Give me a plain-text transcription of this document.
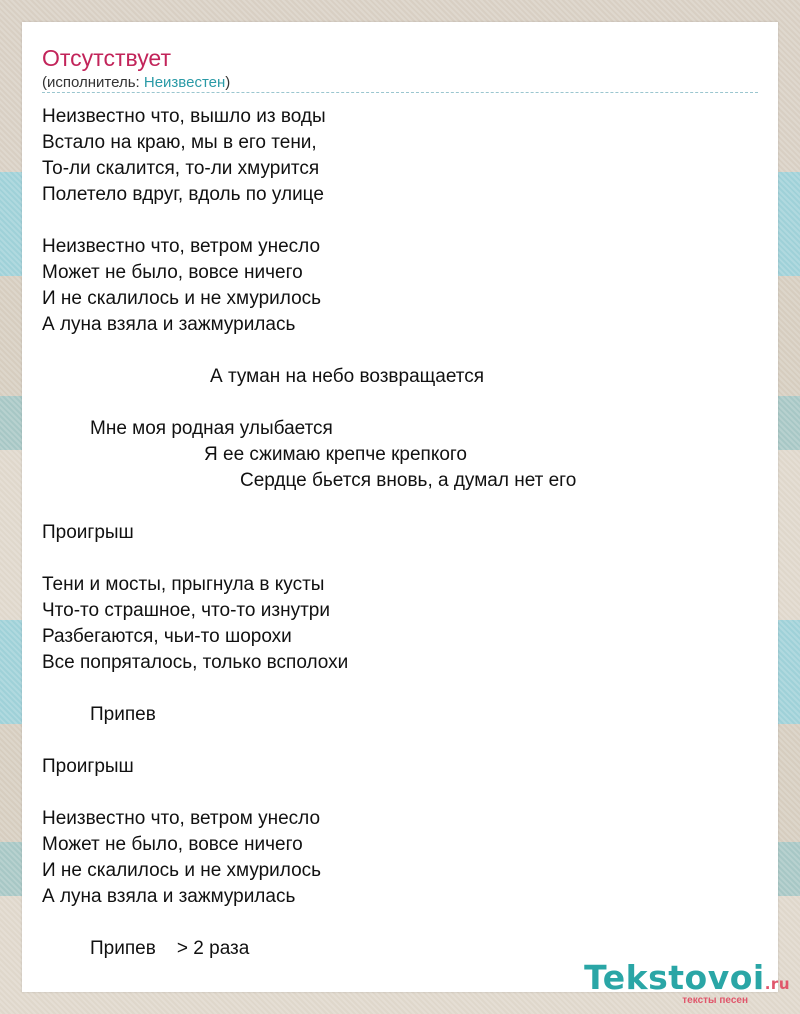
Отсутствует
(исполнитель: Неизвестен)
Неизвестно что, вышло из воды
Встало на краю, мы в его тени,
То-ли скалится, то-ли хмурится
Полетело вдруг, вдоль по улице
Неизвестно что, ветром унесло
Может не было, вовсе ничего
И не скалилось и не хмурилось
А луна взяла и зажмурилась
А туман на небо возвращается
Мне моя родная улыбается
Я ее сжимаю крепче крепкого
Сердце бьется вновь, а думал нет его
Проигрыш
Тени и мосты, прыгнула в кусты
Что-то страшное, что-то изнутри
Разбегаются, чьи-то шорохи
Все попряталось, только всполохи
Припев
Проигрыш
Неизвестно что, ветром унесло
Может не было, вовсе ничего
И не скалилось и не хмурилось
А луна взяла и зажмурилась
Припев    > 2 раза
Tekstovoi.ru
тексты песен
